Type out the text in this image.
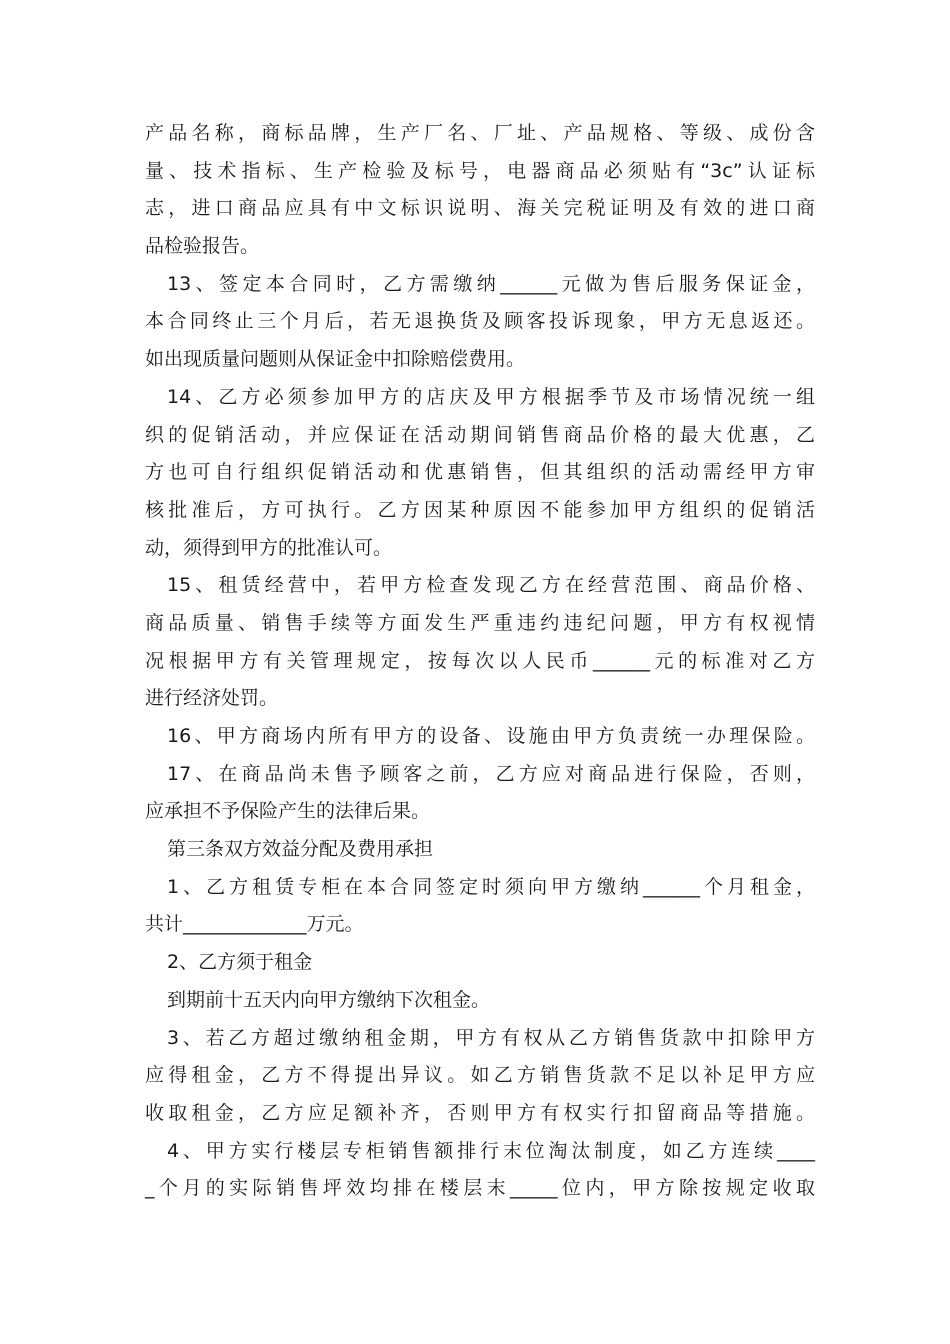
产品名称，商标品牌，生产厂名、厂址、产品规格、等级、成份含
量、技术指标、生产检验及标号，电器商品必须贴有“3c”认证标
志，进口商品应具有中文标识说明、海关完税证明及有效的进口商
品检验报告。
13、签定本合同时，乙方需缴纳______元做为售后服务保证金，
本合同终止三个月后，若无退换货及顾客投诉现象，甲方无息返还。
如出现质量问题则从保证金中扣除赔偿费用。
14、乙方必须参加甲方的店庆及甲方根据季节及市场情况统一组
织的促销活动，并应保证在活动期间销售商品价格的最大优惠，乙
方也可自行组织促销活动和优惠销售，但其组织的活动需经甲方审
核批准后，方可执行。乙方因某种原因不能参加甲方组织的促销活
动，须得到甲方的批准认可。
15、租赁经营中，若甲方检查发现乙方在经营范围、商品价格、
商品质量、销售手续等方面发生严重违约违纪问题，甲方有权视情
况根据甲方有关管理规定，按每次以人民币______元的标准对乙方
进行经济处罚。
16、甲方商场内所有甲方的设备、设施由甲方负责统一办理保险。
17、在商品尚未售予顾客之前，乙方应对商品进行保险，否则，
应承担不予保险产生的法律后果。
第三条双方效益分配及费用承担
1、乙方租赁专柜在本合同签定时须向甲方缴纳______个月租金，
共计_____________万元。
2、乙方须于租金
到期前十五天内向甲方缴纳下次租金。
3、若乙方超过缴纳租金期，甲方有权从乙方销售货款中扣除甲方
应得租金，乙方不得提出异议。如乙方销售货款不足以补足甲方应
收取租金，乙方应足额补齐，否则甲方有权实行扣留商品等措施。
4、甲方实行楼层专柜销售额排行末位淘汰制度，如乙方连续____
_个月的实际销售坪效均排在楼层末_____位内，甲方除按规定收取
